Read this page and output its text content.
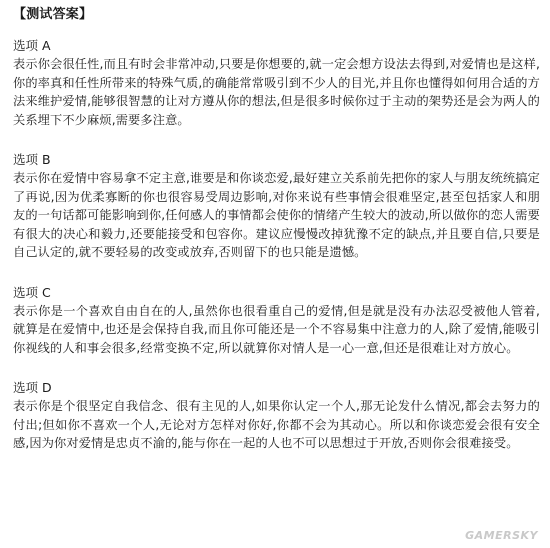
【测试答案】
选项 A
表示你会很任性,而且有时会非常冲动,只要是你想要的,就一定会想方设法去得到,对爱情也是这样,你的率真和任性所带来的特殊气质,的确能常常吸引到不少人的目光,并且你也懂得如何用合适的方法来维护爱情,能够很智慧的让对方遵从你的想法,但是很多时候你过于主动的架势还是会为两人的关系埋下不少麻烦,需要多注意。
选项 B
表示你在爱情中容易拿不定主意,谁要是和你谈恋爱,最好建立关系前先把你的家人与朋友统统搞定了再说,因为优柔寡断的你也很容易受周边影响,对你来说有些事情会很难坚定,甚至包括家人和朋友的一句话都可能影响到你,任何感人的事情都会使你的情绪产生较大的波动,所以做你的恋人需要有很大的决心和毅力,还要能接受和包容你。建议应慢慢改掉犹豫不定的缺点,并且要自信,只要是自己认定的,就不要轻易的改变或放弃,否则留下的也只能是遗憾。
选项 C
表示你是一个喜欢自由自在的人,虽然你也很看重自己的爱情,但是就是没有办法忍受被他人管着,就算是在爱情中,也还是会保持自我,而且你可能还是一个不容易集中注意力的人,除了爱情,能吸引你视线的人和事会很多,经常变换不定,所以就算你对情人是一心一意,但还是很难让对方放心。
选项 D
表示你是个很坚定自我信念、很有主见的人,如果你认定一个人,那无论发什么情况,都会去努力的付出;但如你不喜欢一个人,无论对方怎样对你好,你都不会为其动心。所以和你谈恋爱会很有安全感,因为你对爱情是忠贞不渝的,能与你在一起的人也不可以思想过于开放,否则你会很难接受。
GAMERSKY
